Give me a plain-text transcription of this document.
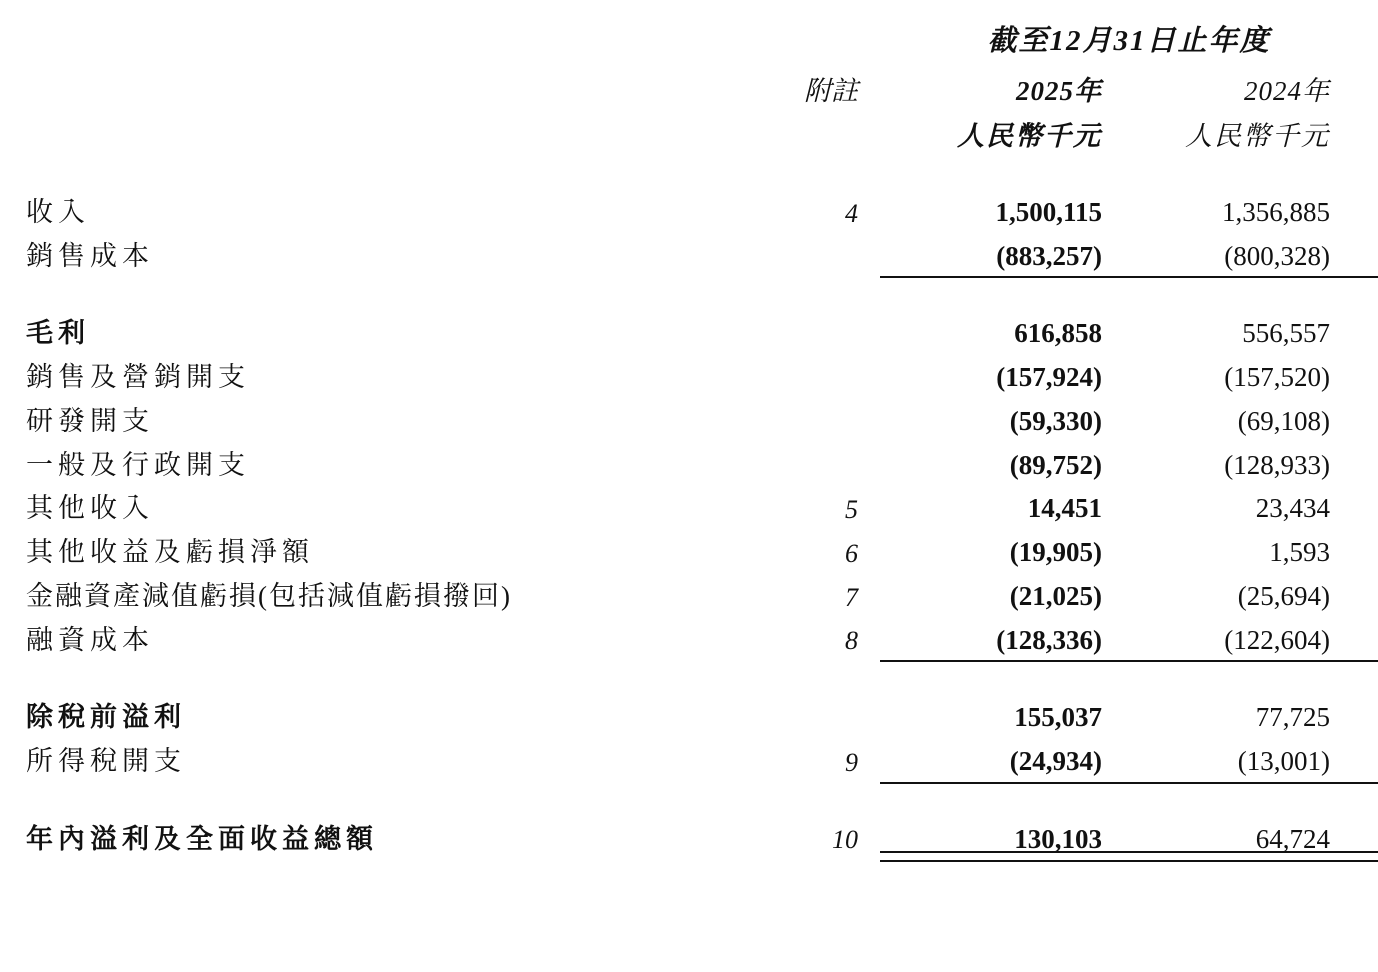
		截至12月31日止年度	
	附註	2025年	2024年
		人民幣千元	人民幣千元

收入	4	1,500,115	1,356,885
銷售成本		(883,257)	(800,328)

毛利		616,858	556,557
銷售及營銷開支		(157,924)	(157,520)
研發開支		(59,330)	(69,108)
一般及行政開支		(89,752)	(128,933)
其他收入	5	14,451	23,434
其他收益及虧損淨額	6	(19,905)	1,593
金融資產減值虧損(包括減值虧損撥回)	7	(21,025)	(25,694)
融資成本	8	(128,336)	(122,604)

除稅前溢利		155,037	77,725
所得稅開支	9	(24,934)	(13,001)

年內溢利及全面收益總額	10	130,103	64,724
